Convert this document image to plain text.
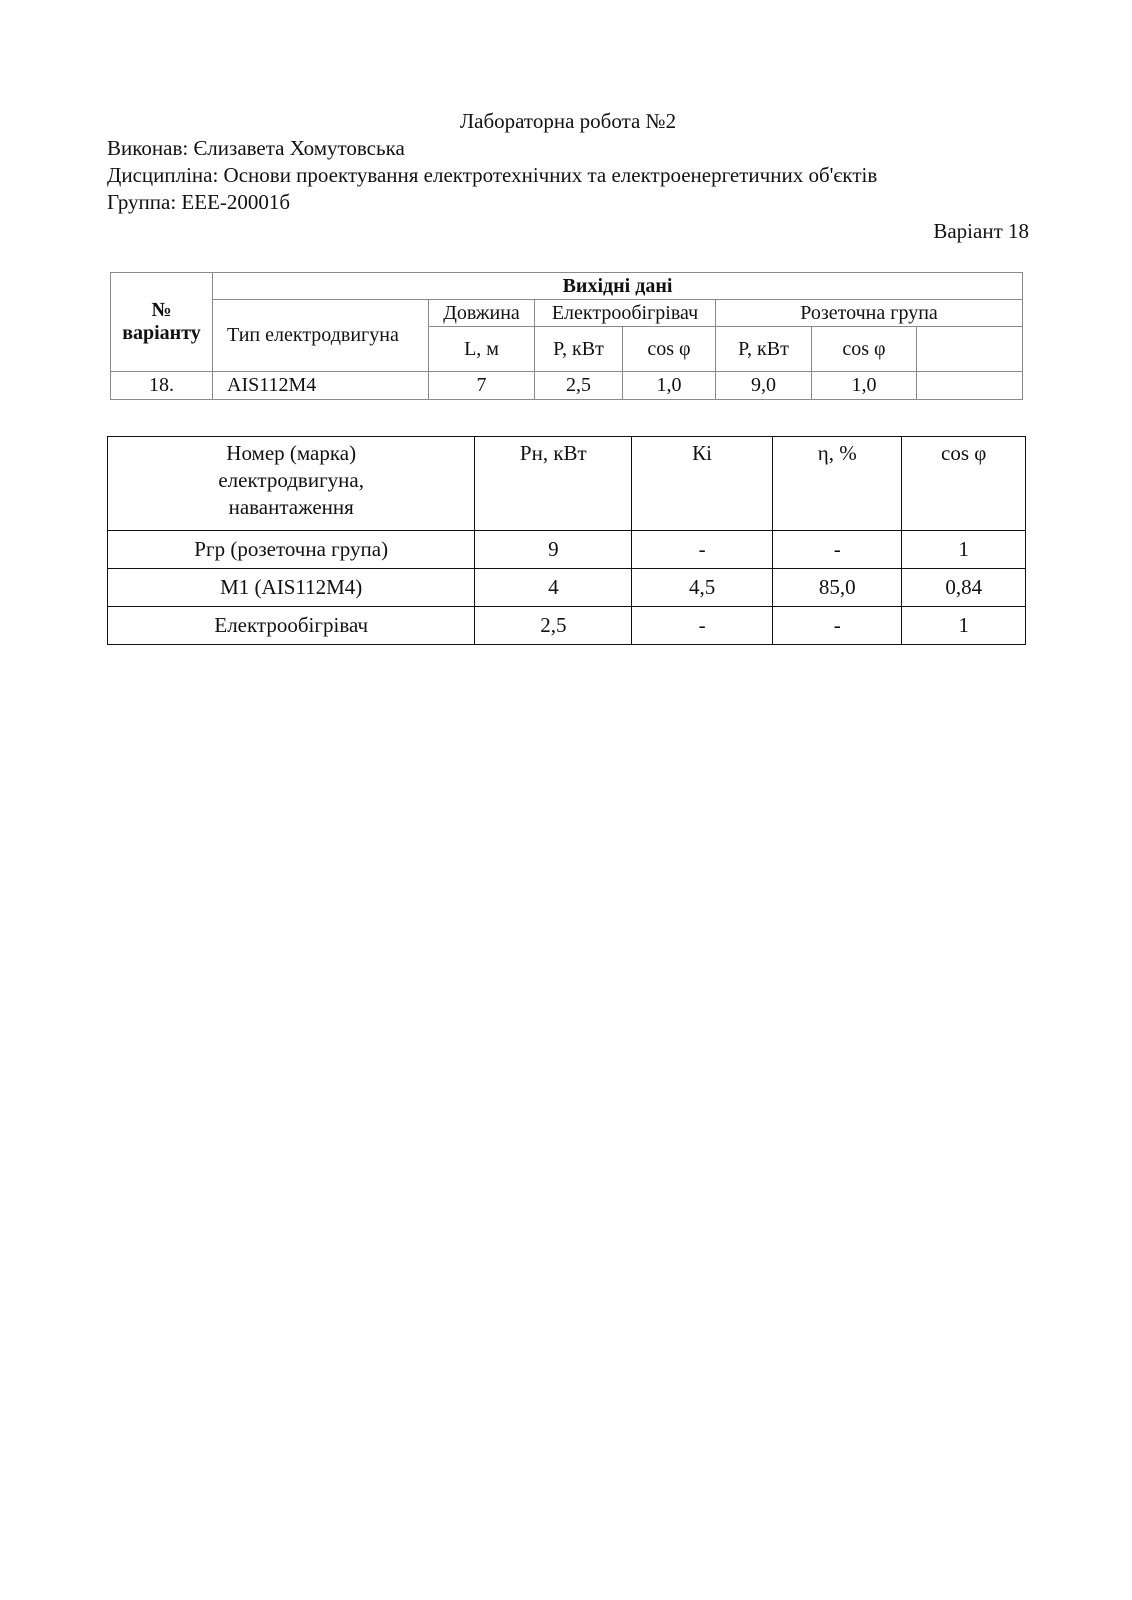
Лабораторна робота №2

Виконав: Єлизавета Хомутовська

Дисципліна: Основи проектування електротехнічних та електроенергетичних об'єктів

Группа: ЕЕЕ-20001б

Варіант 18

№ варіанту	Вихідні дані						
	Тип електродвигуна	Довжина	Електрообігрівач		Розеточна група		
		L, м	P, кВт	cos φ	P, кВт	cos φ	
18.	AIS112M4	7	2,5	1,0	9,0	1,0	
Номер (марка) електродвигуна, навантаження	Pн, кВт	Кі	η, %	cos φ
Pгр (розеточна група)	9	-	-	1
M1 (AIS112M4)	4	4,5	85,0	0,84
Електрообігрівач	2,5	-	-	1
